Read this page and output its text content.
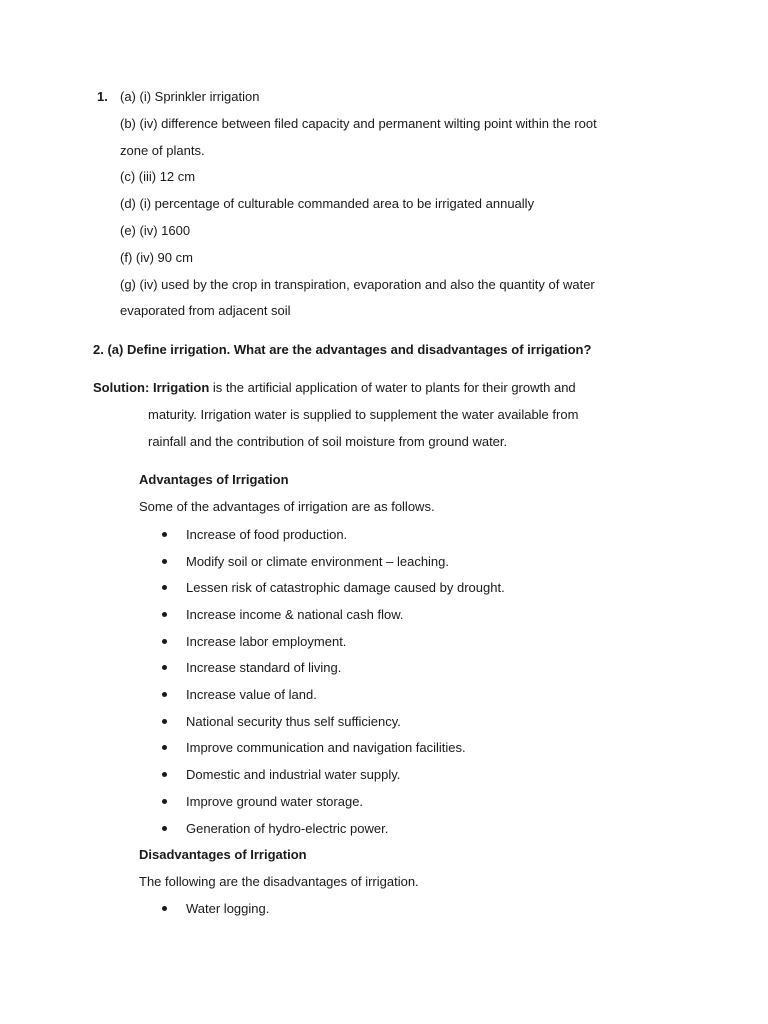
1. (a) (i) Sprinkler irrigation
(b) (iv) difference between filed capacity and permanent wilting point within the root
zone of plants.
(c) (iii) 12 cm
(d) (i) percentage of culturable commanded area to be irrigated annually
(e) (iv) 1600
(f) (iv) 90 cm
(g) (iv) used by the crop in transpiration, evaporation and also the quantity of water
evaporated from adjacent soil
2. (a) Define irrigation. What are the advantages and disadvantages of irrigation?
Solution: Irrigation is the artificial application of water to plants for their growth and
maturity. Irrigation water is supplied to supplement the water available from
rainfall and the contribution of soil moisture from ground water.
Advantages of Irrigation
Some of the advantages of irrigation are as follows.
Increase of food production.
Modify soil or climate environment – leaching.
Lessen risk of catastrophic damage caused by drought.
Increase income & national cash flow.
Increase labor employment.
Increase standard of living.
Increase value of land.
National security thus self sufficiency.
Improve communication and navigation facilities.
Domestic and industrial water supply.
Improve ground water storage.
Generation of hydro-electric power.
Disadvantages of Irrigation
The following are the disadvantages of irrigation.
Water logging.
